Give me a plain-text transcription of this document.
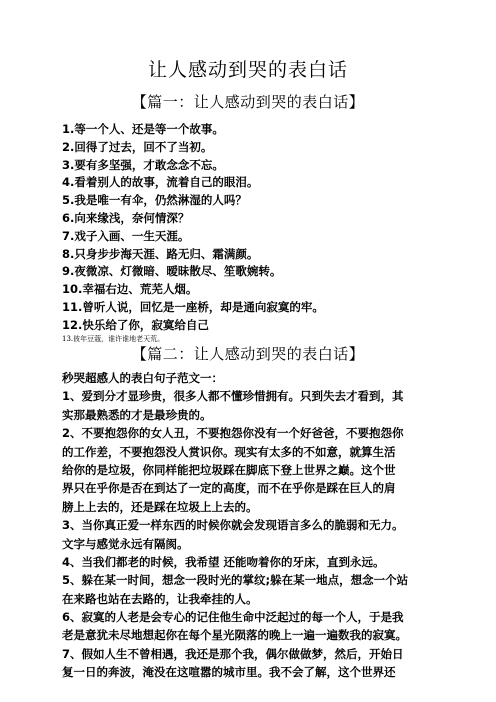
让人感动到哭的表白话
【篇一：让人感动到哭的表白话】
1.等一个人、还是等一个故事。
2.回得了过去，回不了当初。
3.要有多坚强，才敢念念不忘。
4.看着别人的故事，流着自己的眼泪。
5.我是唯一有伞，仍然淋湿的人吗？
6.向来缘浅，奈何情深？
7.戏子入画、一生天涯。
8.只身步步海天涯、路无归、霜满颜。
9.夜微凉、灯微暗、暧昧散尽、笙歌婉转。
10.幸福右边、荒芜人烟。
11.曾听人说，回忆是一座桥，却是通向寂寞的牢。
12.快乐给了你，寂寞给自己
13.彼年豆蔻，谁许谁地老天荒。
【篇二：让人感动到哭的表白话】
秒哭超感人的表白句子范文一：
1、爱到分才显珍贵，很多人都不懂珍惜拥有。只到失去才看到，其
实那最熟悉的才是最珍贵的。
2、不要抱怨你的女人丑，不要抱怨你没有一个好爸爸，不要抱怨你
的工作差，不要抱怨没人赏识你。现实有太多的不如意，就算生活
给你的是垃圾，你同样能把垃圾踩在脚底下登上世界之巅。这个世
界只在乎你是否在到达了一定的高度，而不在乎你是踩在巨人的肩
膀上上去的，还是踩在垃圾上上去的。
3、当你真正爱一样东西的时候你就会发现语言多么的脆弱和无力。
文字与感觉永远有隔阂。
4、当我们都老的时候，我希望 还能吻着你的牙床，直到永远。
5、躲在某一时间，想念一段时光的掌纹;躲在某一地点，想念一个站
在来路也站在去路的，让我牵挂的人。
6、寂寞的人老是会专心的记住他生命中泛起过的每一个人，于是我
老是意犹未尽地想起你在每个星光陨落的晚上一遍一遍数我的寂寞。
7、假如人生不曾相遇，我还是那个我，偶尔做做梦，然后，开始日
复一日的奔波，淹没在这喧嚣的城市里。我不会了解，这个世界还
